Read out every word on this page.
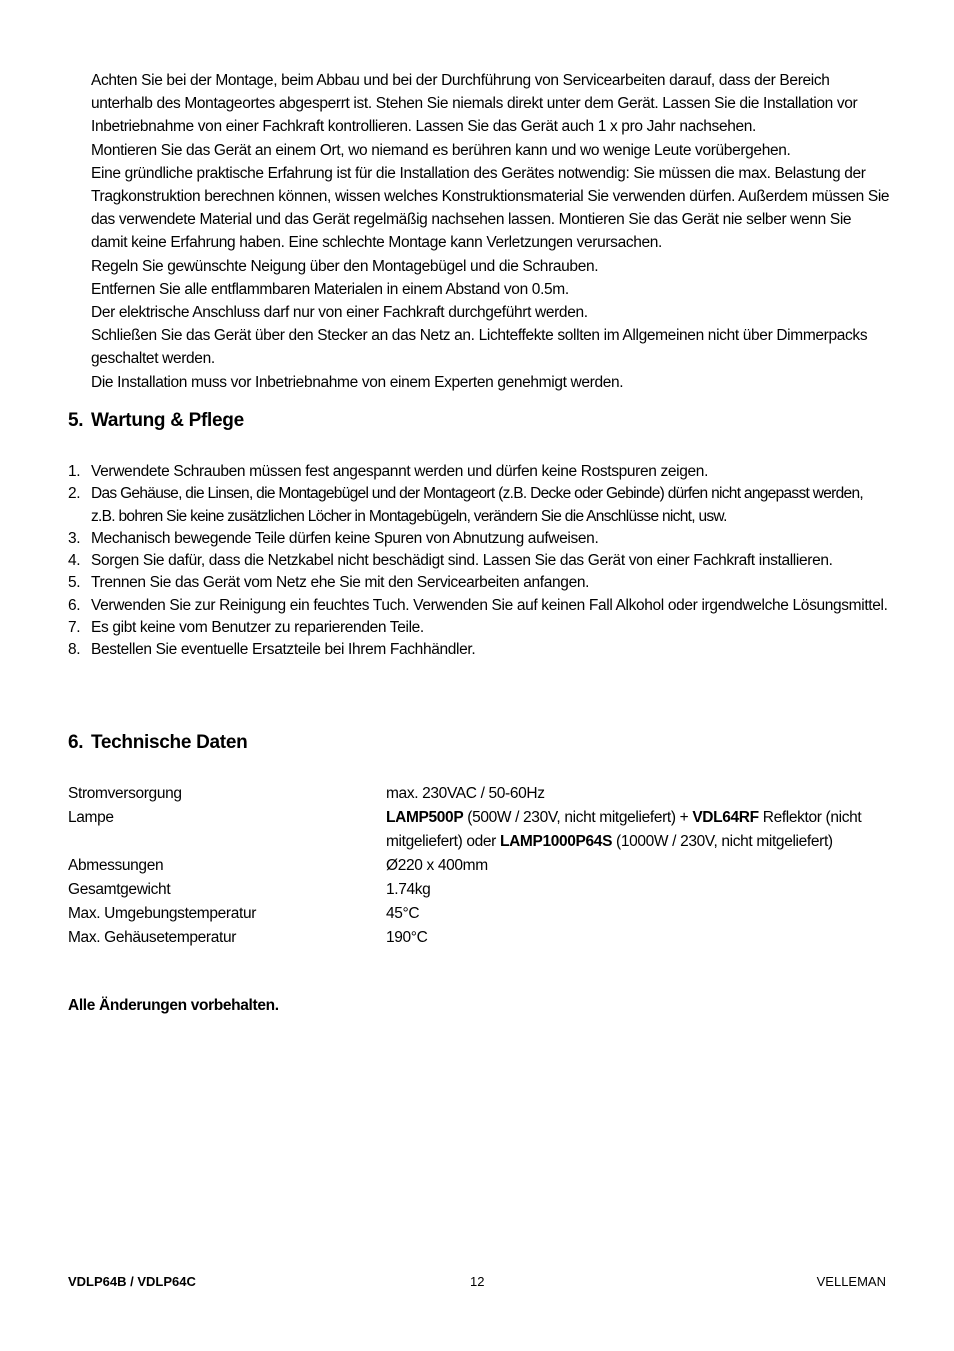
Achten Sie bei der Montage, beim Abbau und bei der Durchführung von Servicearbeiten darauf, dass der Bereich unterhalb des Montageortes abgesperrt ist. Stehen Sie niemals direkt unter dem Gerät. Lassen Sie die Installation vor Inbetriebnahme von einer Fachkraft kontrollieren. Lassen Sie das Gerät auch 1 x pro Jahr nachsehen.

Montieren Sie das Gerät an einem Ort, wo niemand es berühren kann und wo wenige Leute vorübergehen.

Eine gründliche praktische Erfahrung ist für die Installation des Gerätes notwendig: Sie müssen die max. Belastung der Tragkonstruktion berechnen können, wissen welches Konstruktionsmaterial Sie verwenden dürfen. Außerdem müssen Sie das verwendete Material und das Gerät regelmäßig nachsehen lassen. Montieren Sie das Gerät nie selber wenn Sie damit keine Erfahrung haben. Eine schlechte Montage kann Verletzungen verursachen.

Regeln Sie gewünschte Neigung über den Montagebügel und die Schrauben.

Entfernen Sie alle entflammbaren Materialen in einem Abstand von 0.5m.

Der elektrische Anschluss darf nur von einer Fachkraft durchgeführt werden.

Schließen Sie das Gerät über den Stecker an das Netz an. Lichteffekte sollten im Allgemeinen nicht über Dimmerpacks geschaltet werden.

Die Installation muss vor Inbetriebnahme von einem Experten genehmigt werden.

5. Wartung & Pflege
1. Verwendete Schrauben müssen fest angespannt werden und dürfen keine Rostspuren zeigen.
2. Das Gehäuse, die Linsen, die Montagebügel und der Montageort (z.B. Decke oder Gebinde) dürfen nicht angepasst werden, z.B. bohren Sie keine zusätzlichen Löcher in Montagebügeln, verändern Sie die Anschlüsse nicht, usw.
3. Mechanisch bewegende Teile dürfen keine Spuren von Abnutzung aufweisen.
4. Sorgen Sie dafür, dass die Netzkabel nicht beschädigt sind. Lassen Sie das Gerät von einer Fachkraft installieren.
5. Trennen Sie das Gerät vom Netz ehe Sie mit den Servicearbeiten anfangen.
6. Verwenden Sie zur Reinigung ein feuchtes Tuch. Verwenden Sie auf keinen Fall Alkohol oder irgendwelche Lösungsmittel.
7. Es gibt keine vom Benutzer zu reparierenden Teile.
8. Bestellen Sie eventuelle Ersatzteile bei Ihrem Fachhändler.
6. Technische Daten
Stromversorgung	max. 230VAC / 50-60Hz
Lampe	LAMP500P (500W / 230V, nicht mitgeliefert) + VDL64RF Reflektor (nicht mitgeliefert) oder LAMP1000P64S (1000W / 230V, nicht mitgeliefert)
Abmessungen	Ø220 x 400mm
Gesamtgewicht	1.74kg
Max. Umgebungstemperatur	45°C
Max. Gehäusetemperatur	190°C
Alle Änderungen vorbehalten.
VDLP64B / VDLP64C	12	VELLEMAN
